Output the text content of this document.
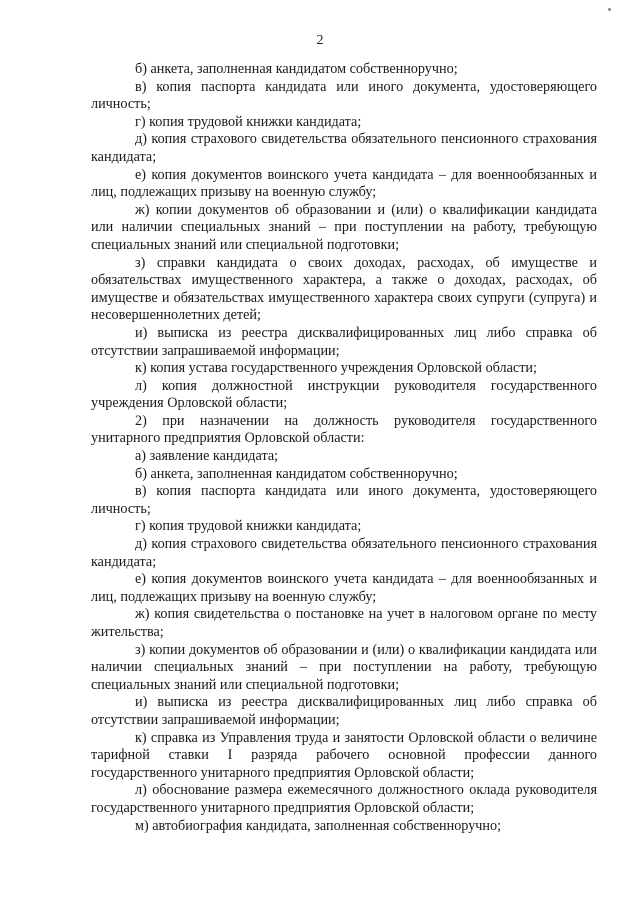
2

б) анкета, заполненная кандидатом собственноручно;

в) копия паспорта кандидата или иного документа, удостоверяющего личность;

г) копия трудовой книжки кандидата;

д) копия страхового свидетельства обязательного пенсионного страхования кандидата;

е) копия документов воинского учета кандидата – для военнообязанных и лиц, подлежащих призыву на военную службу;

ж) копии документов об образовании и (или) о квалификации кандидата или наличии специальных знаний – при поступлении на работу, требующую специальных знаний или специальной подготовки;

з) справки кандидата о своих доходах, расходах, об имуществе и обязательствах имущественного характера, а также о доходах, расходах, об имуществе и обязательствах имущественного характера своих супруги (супруга) и несовершеннолетних детей;

и) выписка из реестра дисквалифицированных лиц либо справка об отсутствии запрашиваемой информации;

к) копия устава государственного учреждения Орловской области;

л) копия должностной инструкции руководителя государственного учреждения Орловской области;

2) при назначении на должность руководителя государственного унитарного предприятия Орловской области:

а) заявление кандидата;

б) анкета, заполненная кандидатом собственноручно;

в) копия паспорта кандидата или иного документа, удостоверяющего личность;

г) копия трудовой книжки кандидата;

д) копия страхового свидетельства обязательного пенсионного страхования кандидата;

е) копия документов воинского учета кандидата – для военнообязанных и лиц, подлежащих призыву на военную службу;

ж) копия свидетельства о постановке на учет в налоговом органе по месту жительства;

з) копии документов об образовании и (или) о квалификации кандидата или наличии специальных знаний – при поступлении на работу, требующую специальных знаний или специальной подготовки;

и) выписка из реестра дисквалифицированных лиц либо справка об отсутствии запрашиваемой информации;

к) справка из Управления труда и занятости Орловской области о величине тарифной ставки I разряда рабочего основной профессии данного государственного унитарного предприятия Орловской области;

л) обоснование размера ежемесячного должностного оклада руководителя государственного унитарного предприятия Орловской области;

м) автобиография кандидата, заполненная собственноручно;
